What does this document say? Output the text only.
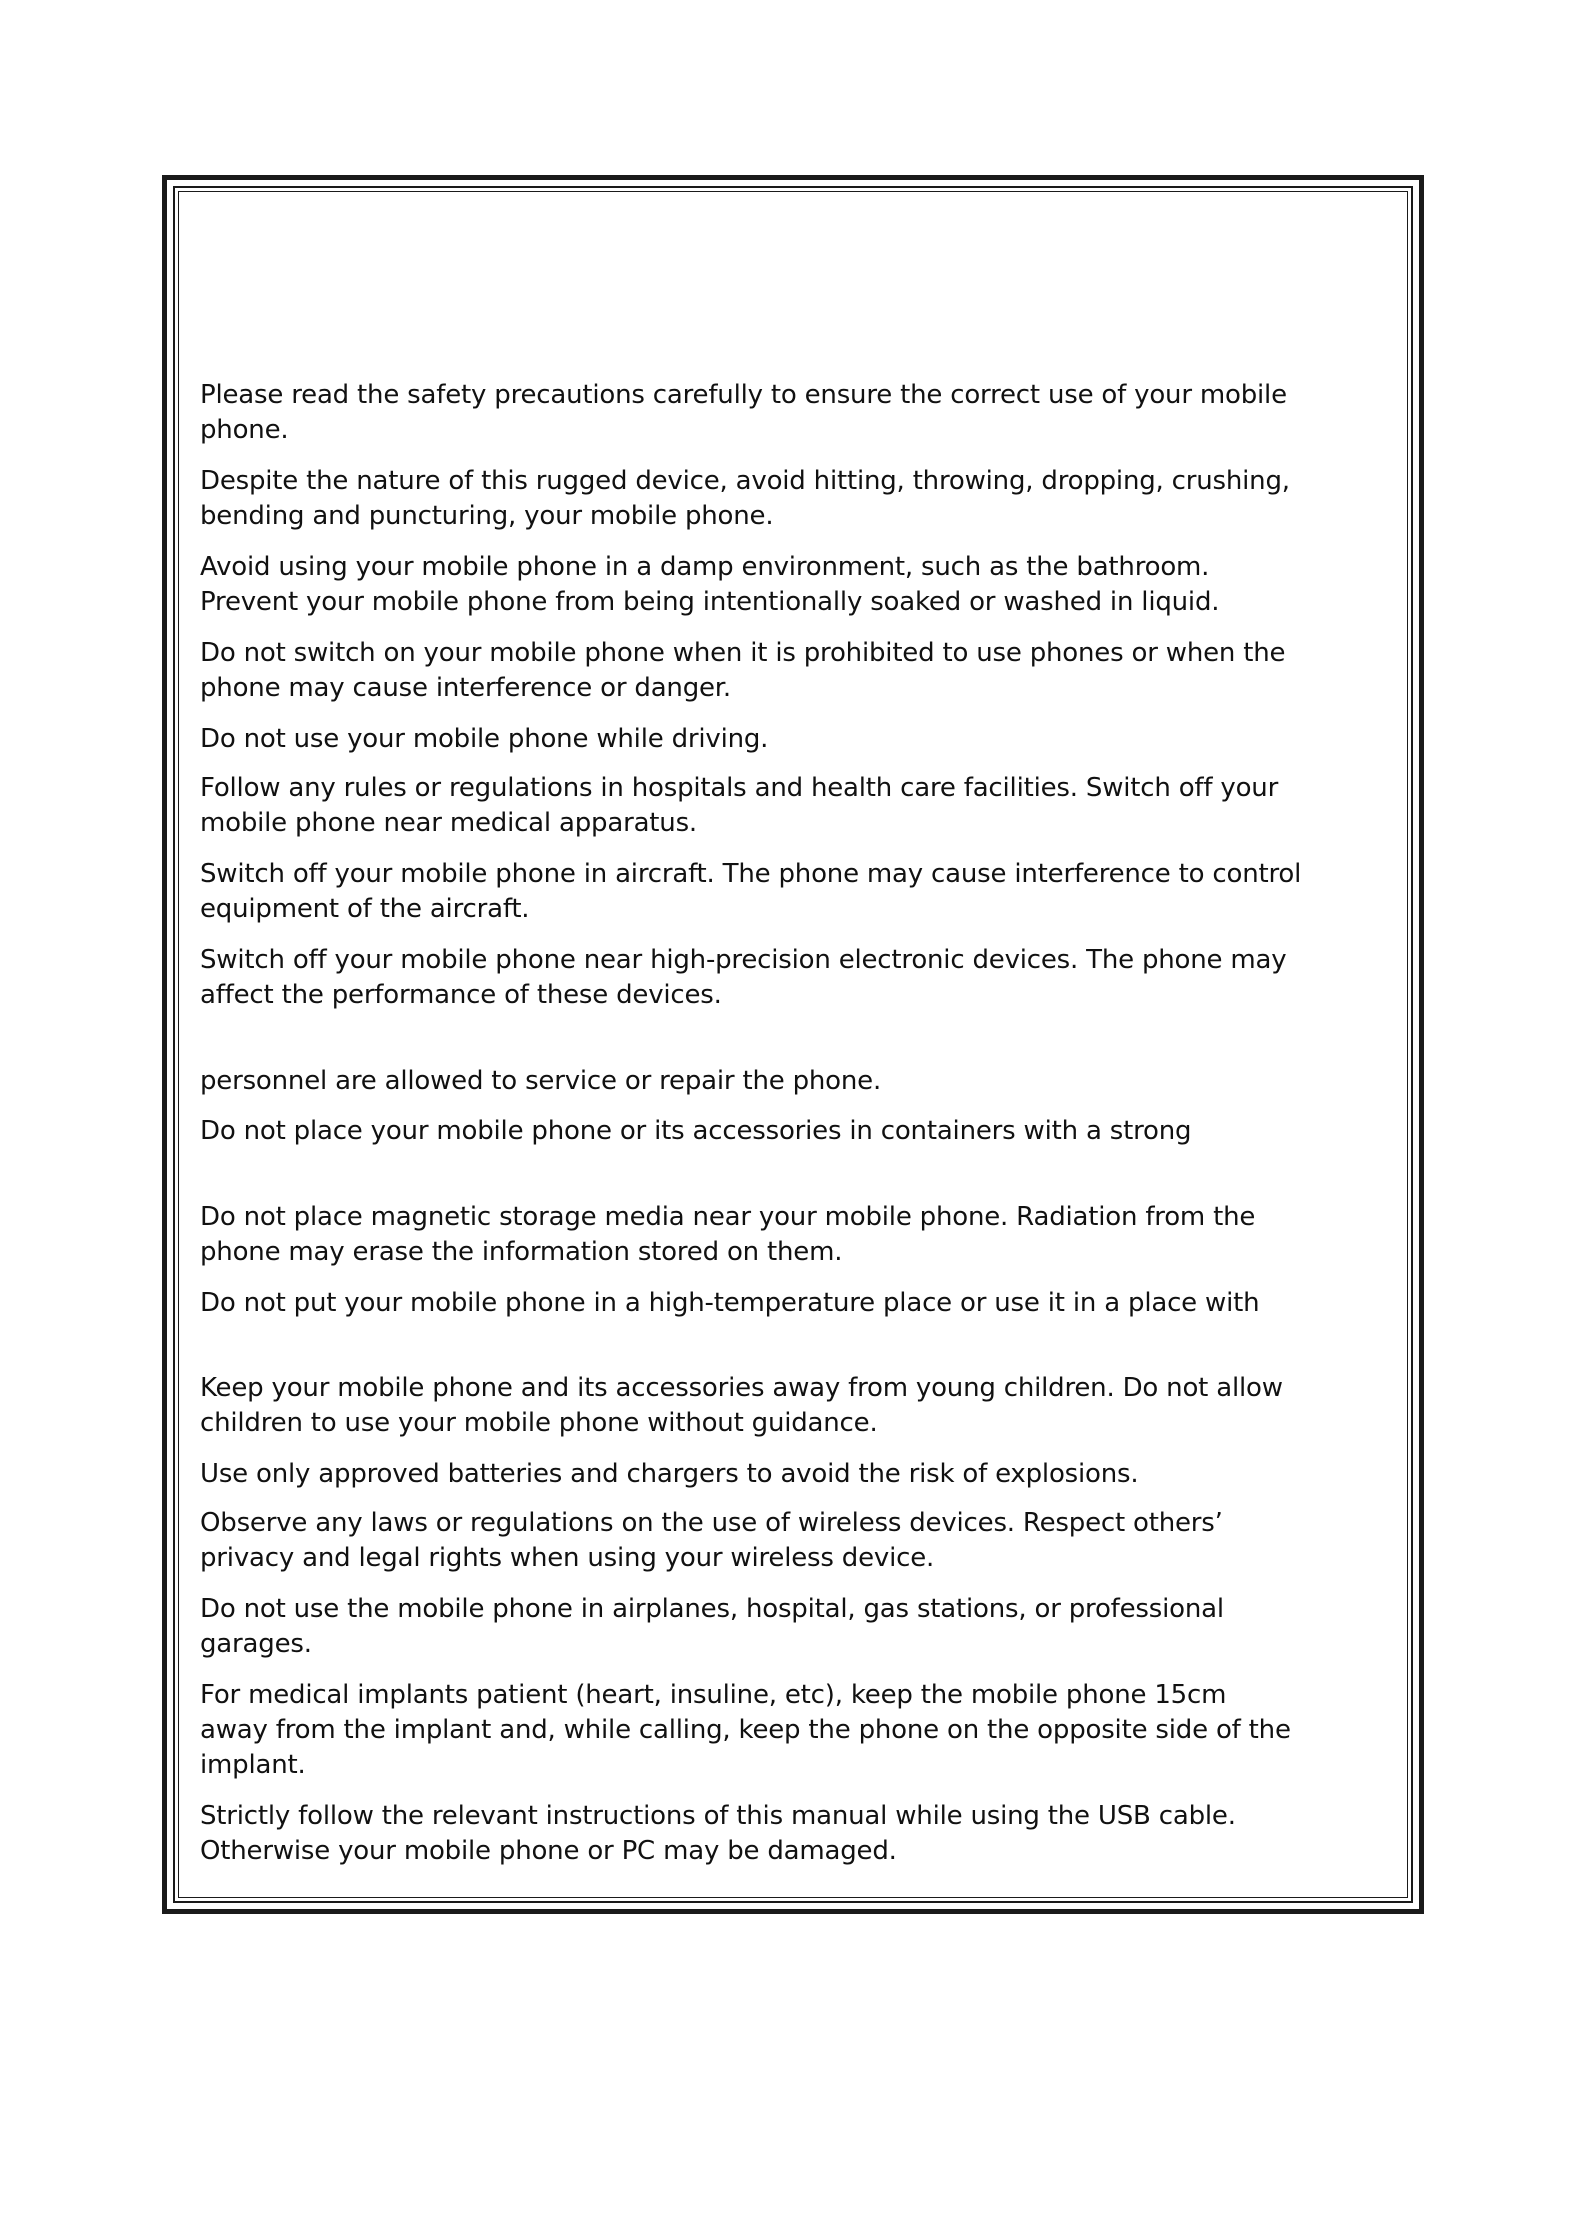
Please read the safety precautions carefully to ensure the correct use of your mobile
phone.
Despite the nature of this rugged device, avoid hitting, throwing, dropping, crushing,
bending and puncturing, your mobile phone.
Avoid using your mobile phone in a damp environment, such as the bathroom.
Prevent your mobile phone from being intentionally soaked or washed in liquid.
Do not switch on your mobile phone when it is prohibited to use phones or when the
phone may cause interference or danger.
Do not use your mobile phone while driving.
Follow any rules or regulations in hospitals and health care facilities. Switch off your
mobile phone near medical apparatus.
Switch off your mobile phone in aircraft. The phone may cause interference to control
equipment of the aircraft.
Switch off your mobile phone near high-precision electronic devices. The phone may
affect the performance of these devices.
personnel are allowed to service or repair the phone.
Do not place your mobile phone or its accessories in containers with a strong
Do not place magnetic storage media near your mobile phone. Radiation from the
phone may erase the information stored on them.
Do not put your mobile phone in a high-temperature place or use it in a place with
Keep your mobile phone and its accessories away from young children. Do not allow
children to use your mobile phone without guidance.
Use only approved batteries and chargers to avoid the risk of explosions.
Observe any laws or regulations on the use of wireless devices. Respect others’
privacy and legal rights when using your wireless device.
Do not use the mobile phone in airplanes, hospital, gas stations, or professional
garages.
For medical implants patient (heart, insuline, etc), keep the mobile phone 15cm
away from the implant and, while calling, keep the phone on the opposite side of the
implant.
Strictly follow the relevant instructions of this manual while using the USB cable.
Otherwise your mobile phone or PC may be damaged.
